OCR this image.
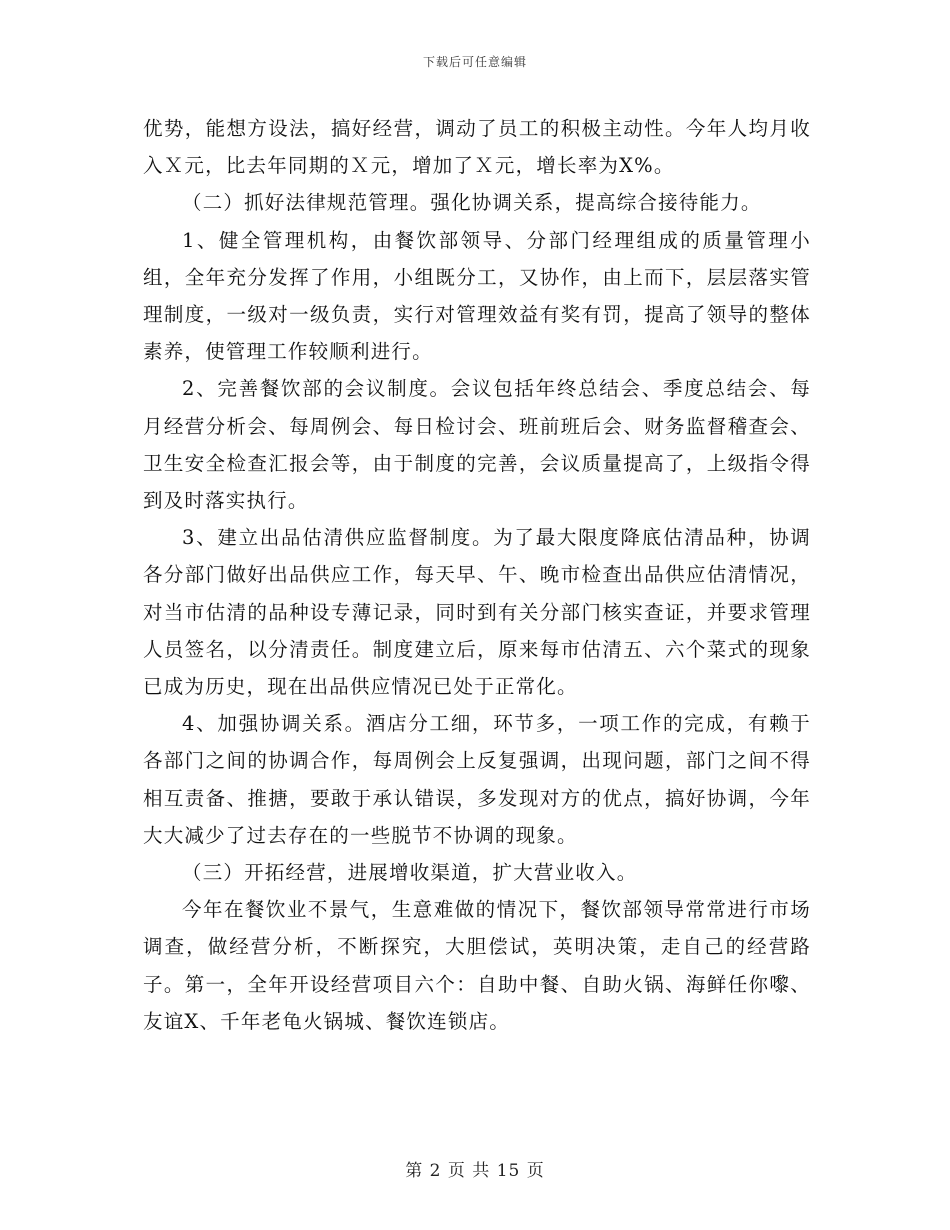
下载后可任意编辑

优势，能想方设法，搞好经营，调动了员工的积极主动性。今年人均月收入Ｘ元，比去年同期的Ｘ元，增加了Ｘ元，增长率为X%。

（二）抓好法律规范管理。强化协调关系，提高综合接待能力。

1、健全管理机构，由餐饮部领导、分部门经理组成的质量管理小组，全年充分发挥了作用，小组既分工，又协作，由上而下，层层落实管理制度，一级对一级负责，实行对管理效益有奖有罚，提高了领导的整体素养，使管理工作较顺利进行。

2、完善餐饮部的会议制度。会议包括年终总结会、季度总结会、每月经营分析会、每周例会、每日检讨会、班前班后会、财务监督稽查会、卫生安全检查汇报会等，由于制度的完善，会议质量提高了，上级指令得到及时落实执行。

3、建立出品估清供应监督制度。为了最大限度降底估清品种，协调各分部门做好出品供应工作，每天早、午、晚市检查出品供应估清情况，对当市估清的品种设专薄记录，同时到有关分部门核实查证，并要求管理人员签名，以分清责任。制度建立后，原来每市估清五、六个菜式的现象已成为历史，现在出品供应情况已处于正常化。

4、加强协调关系。酒店分工细，环节多，一项工作的完成，有赖于各部门之间的协调合作，每周例会上反复强调，出现问题，部门之间不得相互责备、推搪，要敢于承认错误，多发现对方的优点，搞好协调，今年大大减少了过去存在的一些脱节不协调的现象。

（三）开拓经营，进展增收渠道，扩大营业收入。

今年在餐饮业不景气，生意难做的情况下，餐饮部领导常常进行市场调查，做经营分析，不断探究，大胆偿试，英明决策，走自己的经营路子。第一，全年开设经营项目六个：自助中餐、自助火锅、海鲜任你嚟、友谊X、千年老龟火锅城、餐饮连锁店。

第 2 页 共 15 页
